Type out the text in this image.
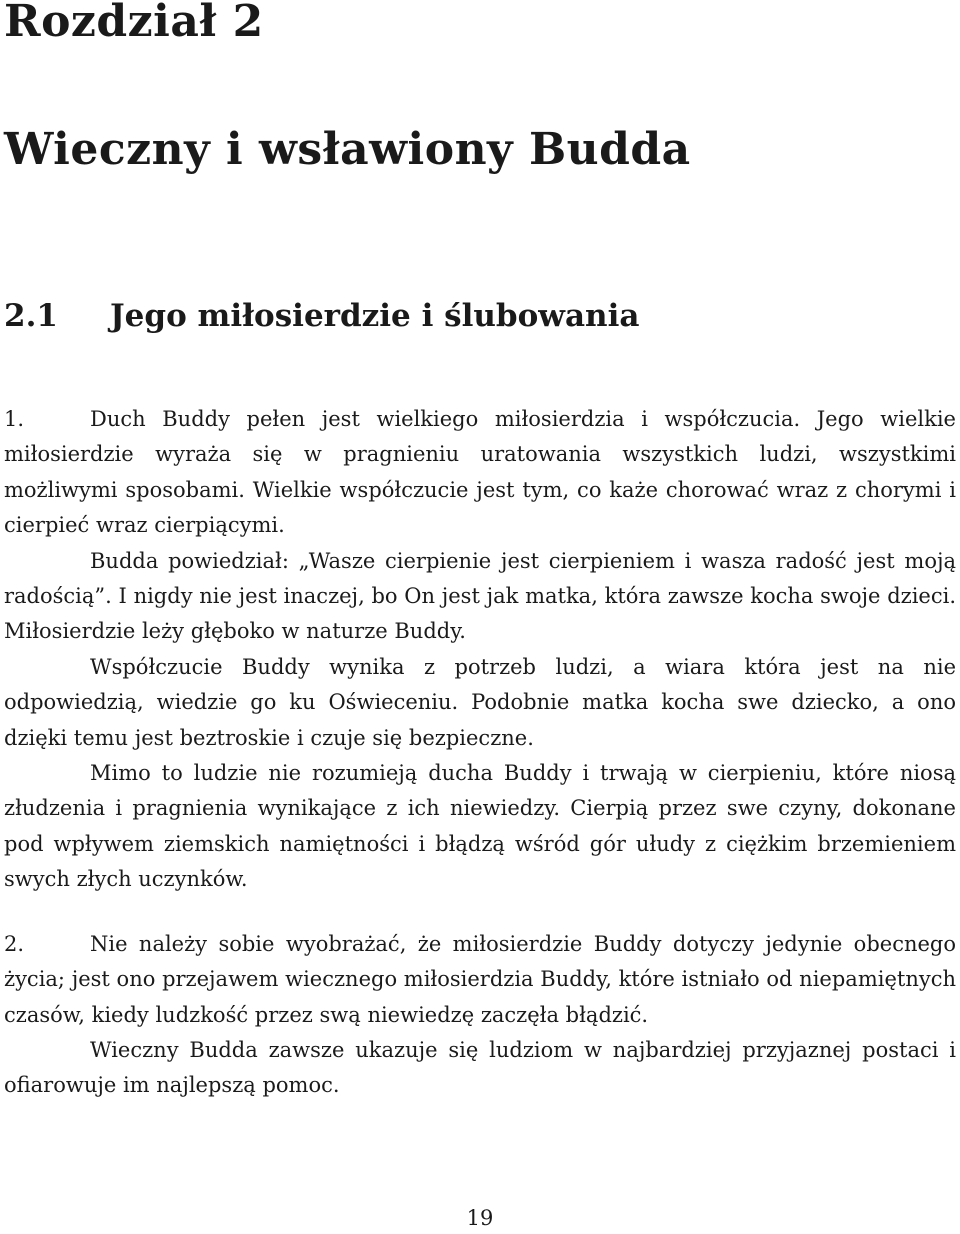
Rozdział 2
Wieczny i wsławiony Budda
2.1 Jego miłosierdzie i ślubowania

1.	Duch Buddy pełen jest wielkiego miłosierdzia i współczucia. Jego wielkie miłosierdzie wyraża się w pragnieniu uratowania wszystkich ludzi, wszystkimi możliwymi sposobami. Wielkie współczucie jest tym, co każe chorować wraz z chorymi i cierpieć wraz cierpiącymi.

Budda powiedział: „Wasze cierpienie jest cierpieniem i wasza radość jest moją radością”. I nigdy nie jest inaczej, bo On jest jak matka, która zawsze kocha swoje dzieci. Miłosierdzie leży głęboko w naturze Buddy.

Współczucie Buddy wynika z potrzeb ludzi, a wiara która jest na nie odpowiedzią, wiedzie go ku Oświeceniu. Podobnie matka kocha swe dziecko, a ono dzięki temu jest beztroskie i czuje się bezpieczne.

Mimo to ludzie nie rozumieją ducha Buddy i trwają w cierpieniu, które niosą złudzenia i pragnienia wynikające z ich niewiedzy. Cierpią przez swe czyny, dokonane pod wpływem ziemskich namiętności i błądzą wśród gór ułudy z ciężkim brzemieniem swych złych uczynków.

2.	Nie należy sobie wyobrażać, że miłosierdzie Buddy dotyczy jedynie obecnego życia; jest ono przejawem wiecznego miłosierdzia Buddy, które istniało od niepamiętnych czasów, kiedy ludzkość przez swą niewiedzę zaczęła błądzić.

Wieczny Budda zawsze ukazuje się ludziom w najbardziej przyjaznej postaci i ofiarowuje im najlepszą pomoc.

19
